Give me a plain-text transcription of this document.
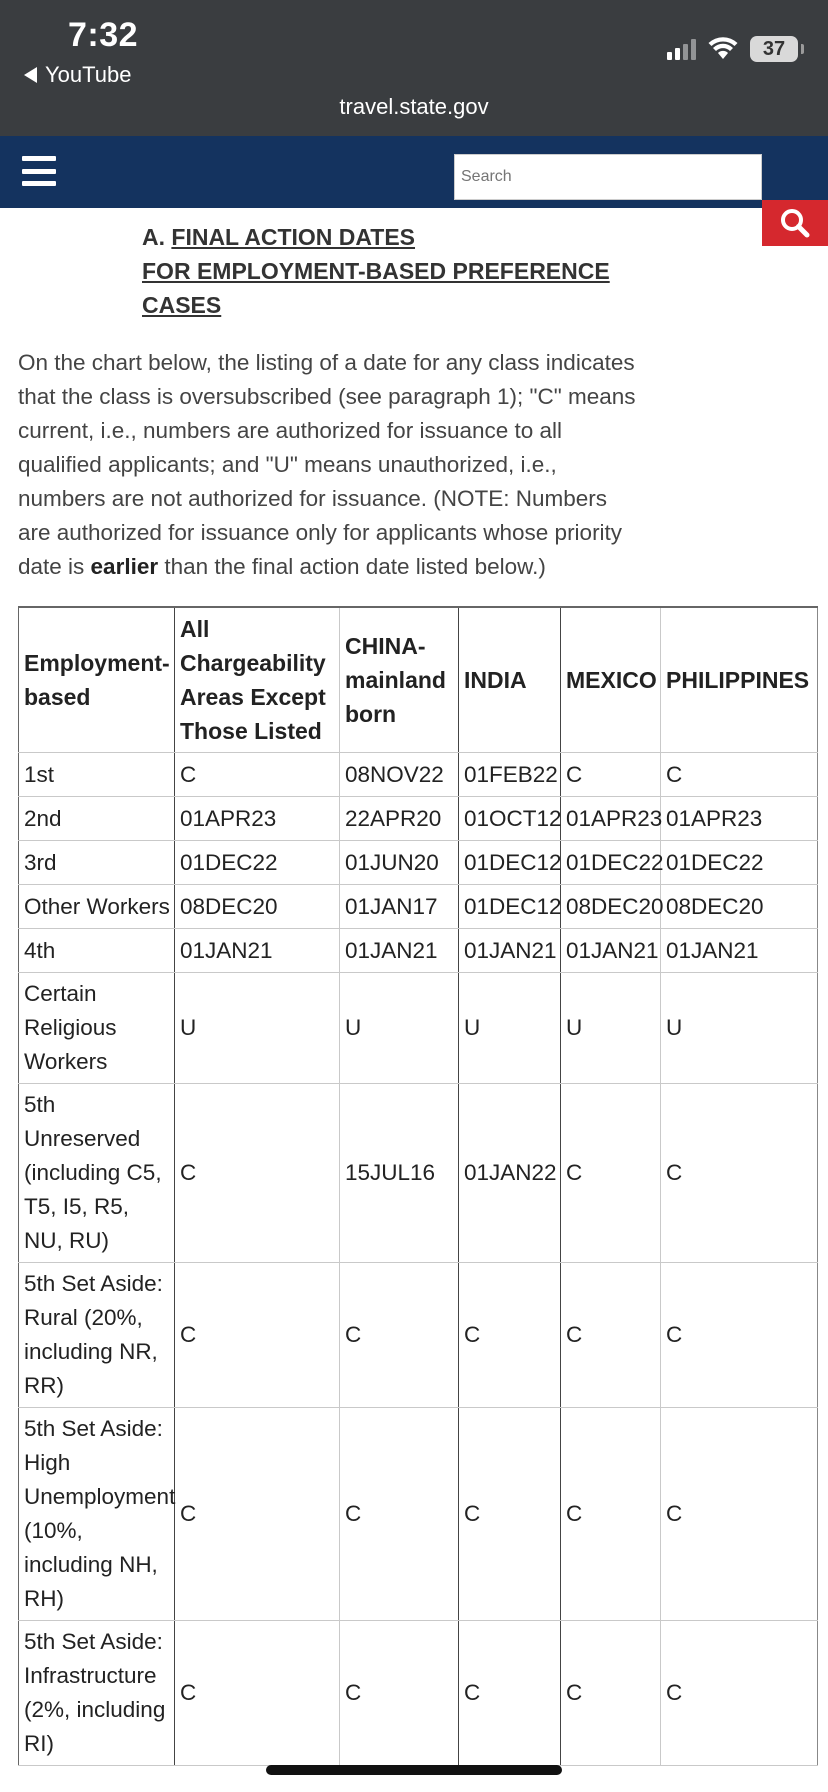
7:32
YouTube
37
travel.state.gov
Search
A. FINAL ACTION DATES
FOR EMPLOYMENT-BASED PREFERENCE
CASES
On the chart below, the listing of a date for any class indicates that the class is oversubscribed (see paragraph 1); "C" means current, i.e., numbers are authorized for issuance to all qualified applicants; and "U" means unauthorized, i.e., numbers are not authorized for issuance. (NOTE: Numbers are authorized for issuance only for applicants whose priority date is earlier than the final action date listed below.)
Employment-based	All Chargeability Areas Except Those Listed	CHINA-mainland born	INDIA	MEXICO	PHILIPPINES
1st	C	08NOV22	01FEB22	C	C
2nd	01APR23	22APR20	01OCT12	01APR23	01APR23
3rd	01DEC22	01JUN20	01DEC12	01DEC22	01DEC22
Other Workers	08DEC20	01JAN17	01DEC12	08DEC20	08DEC20
4th	01JAN21	01JAN21	01JAN21	01JAN21	01JAN21
Certain Religious Workers	U	U	U	U	U
5th Unreserved (including C5, T5, I5, R5, NU, RU)	C	15JUL16	01JAN22	C	C
5th Set Aside: Rural (20%, including NR, RR)	C	C	C	C	C
5th Set Aside: High Unemployment (10%, including NH, RH)	C	C	C	C	C
5th Set Aside: Infrastructure (2%, including RI)	C	C	C	C	C
